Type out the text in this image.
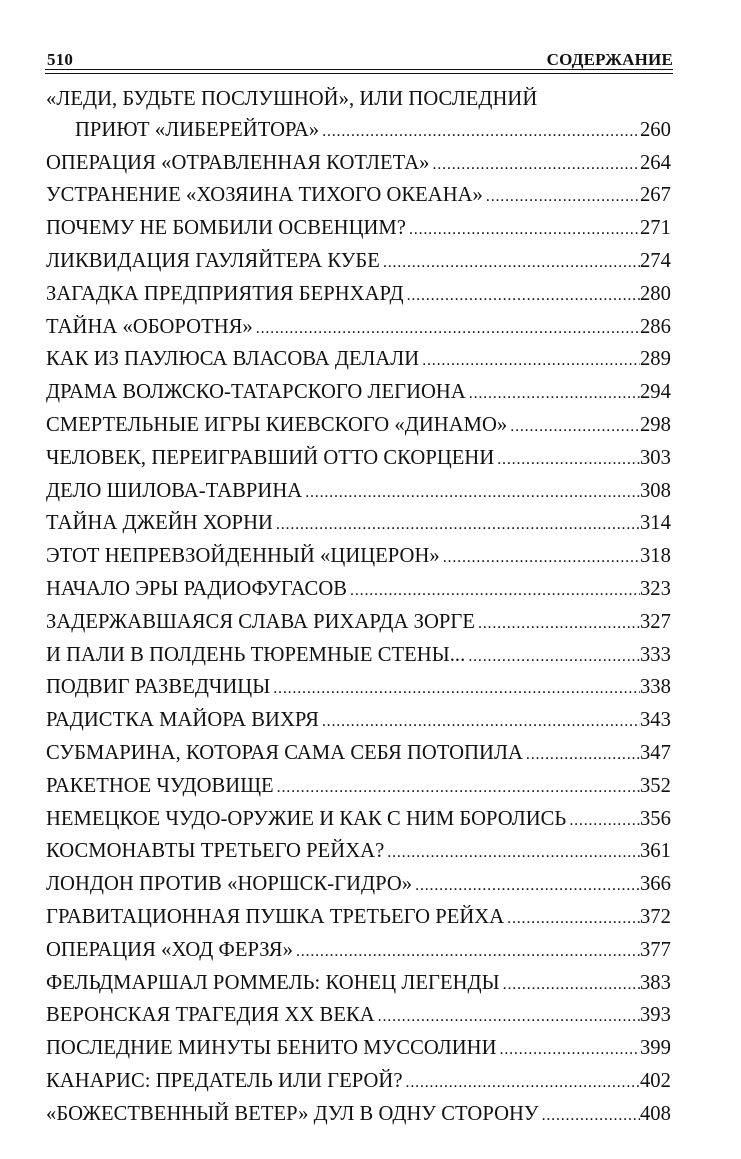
510	СОДЕРЖАНИЕ
«ЛЕДИ, БУДЬТЕ ПОСЛУШНОЙ», ИЛИ ПОСЛЕДНИЙ
ПРИЮТ «ЛИБЕРЕЙТОРА» .....	260
ОПЕРАЦИЯ «ОТРАВЛЕННАЯ КОТЛЕТА» .....	264
УСТРАНЕНИЕ «ХОЗЯИНА ТИХОГО ОКЕАНА» .....	267
ПОЧЕМУ НЕ БОМБИЛИ ОСВЕНЦИМ? .....	271
ЛИКВИДАЦИЯ ГАУЛЯЙТЕРА КУБЕ .....	274
ЗАГАДКА ПРЕДПРИЯТИЯ БЕРНХАРД .....	280
ТАЙНА «ОБОРОТНЯ» .....	286
КАК ИЗ ПАУЛЮСА ВЛАСОВА ДЕЛАЛИ .....	289
ДРАМА ВОЛЖСКО-ТАТАРСКОГО ЛЕГИОНА .....	294
СМЕРТЕЛЬНЫЕ ИГРЫ КИЕВСКОГО «ДИНАМО» .....	298
ЧЕЛОВЕК, ПЕРЕИГРАВШИЙ ОТТО СКОРЦЕНИ .....	303
ДЕЛО ШИЛОВА-ТАВРИНА .....	308
ТАЙНА ДЖЕЙН ХОРНИ .....	314
ЭТОТ НЕПРЕВЗОЙДЕННЫЙ «ЦИЦЕРОН» .....	318
НАЧАЛО ЭРЫ РАДИОФУГАСОВ .....	323
ЗАДЕРЖАВШАЯСЯ СЛАВА РИХАРДА ЗОРГЕ .....	327
И ПАЛИ В ПОЛДЕНЬ ТЮРЕМНЫЕ СТЕНЫ... .....	333
ПОДВИГ РАЗВЕДЧИЦЫ .....	338
РАДИСТКА МАЙОРА ВИХРЯ .....	343
СУБМАРИНА, КОТОРАЯ САМА СЕБЯ ПОТОПИЛА .....	347
РАКЕТНОЕ ЧУДОВИЩЕ .....	352
НЕМЕЦКОЕ ЧУДО-ОРУЖИЕ И КАК С НИМ БОРОЛИСЬ .....	356
КОСМОНАВТЫ ТРЕТЬЕГО РЕЙХА? .....	361
ЛОНДОН ПРОТИВ «НОРШСК-ГИДРО» .....	366
ГРАВИТАЦИОННАЯ ПУШКА ТРЕТЬЕГО РЕЙХА .....	372
ОПЕРАЦИЯ «ХОД ФЕРЗЯ» .....	377
ФЕЛЬДМАРШАЛ РОММЕЛЬ: КОНЕЦ ЛЕГЕНДЫ .....	383
ВЕРОНСКАЯ ТРАГЕДИЯ XX ВЕКА .....	393
ПОСЛЕДНИЕ МИНУТЫ БЕНИТО МУССОЛИНИ .....	399
КАНАРИС: ПРЕДАТЕЛЬ ИЛИ ГЕРОЙ? .....	402
«БОЖЕСТВЕННЫЙ ВЕТЕР» ДУЛ В ОДНУ СТОРОНУ .....	408
